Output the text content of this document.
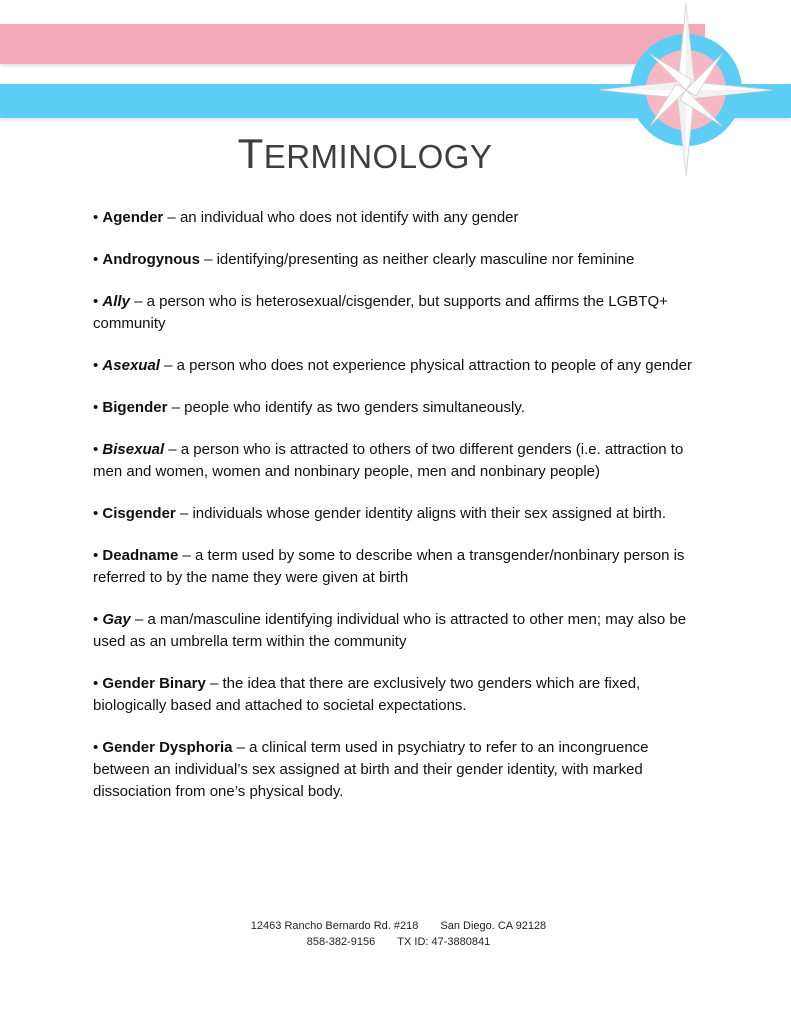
TERMINOLOGY
• Agender – an individual who does not identify with any gender
• Androgynous – identifying/presenting as neither clearly masculine nor feminine
• Ally – a person who is heterosexual/cisgender, but supports and affirms the LGBTQ+ community
• Asexual – a person who does not experience physical attraction to people of any gender
• Bigender – people who identify as two genders simultaneously.
• Bisexual – a person who is attracted to others of two different genders (i.e. attraction to men and women, women and nonbinary people, men and nonbinary people)
• Cisgender – individuals whose gender identity aligns with their sex assigned at birth.
• Deadname – a term used by some to describe when a transgender/nonbinary person is referred to by the name they were given at birth
• Gay – a man/masculine identifying individual who is attracted to other men; may also be used as an umbrella term within the community
• Gender Binary – the idea that there are exclusively two genders which are fixed, biologically based and attached to societal expectations.
• Gender Dysphoria – a clinical term used in psychiatry to refer to an incongruence between an individual’s sex assigned at birth and their gender identity, with marked dissociation from one’s physical body.
12463 Rancho Bernardo Rd. #218 San Diego. CA 92128
858-382-9156 TX ID: 47-3880841
